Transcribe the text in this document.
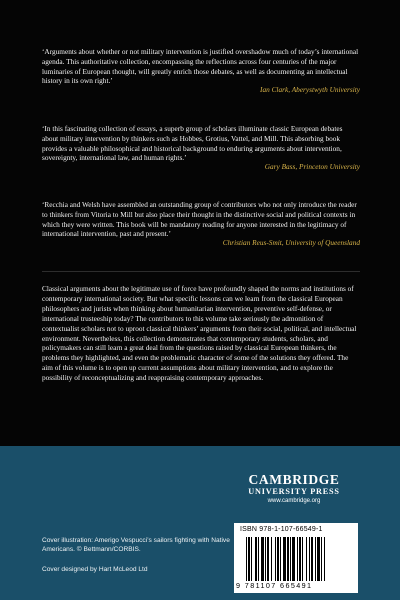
‘Arguments about whether or not military intervention is justified overshadow much of today’s international agenda. This authoritative collection, encompassing the reflections across four centuries of the major luminaries of European thought, will greatly enrich those debates, as well as documenting an intellectual history in its own right.’

Ian Clark, Aberystwyth University

‘In this fascinating collection of essays, a superb group of scholars illuminate classic European debates about military intervention by thinkers such as Hobbes, Grotius, Vattel, and Mill. This absorbing book provides a valuable philosophical and historical background to enduring arguments about intervention, sovereignty, international law, and human rights.’

Gary Bass, Princeton University

‘Recchia and Welsh have assembled an outstanding group of contributors who not only introduce the reader to thinkers from Vitoria to Mill but also place their thought in the distinctive social and political contexts in which they were written. This book will be mandatory reading for anyone interested in the legitimacy of international intervention, past and present.’

Christian Reus-Smit, University of Queensland

Classical arguments about the legitimate use of force have profoundly shaped the norms and institutions of contemporary international society. But what specific lessons can we learn from the classical European philosophers and jurists when thinking about humanitarian intervention, preventive self-defense, or international trusteeship today? The contributors to this volume take seriously the admonition of contextualist scholars not to uproot classical thinkers’ arguments from their social, political, and intellectual environment. Nevertheless, this collection demonstrates that contemporary students, scholars, and policymakers can still learn a great deal from the questions raised by classical European thinkers, the problems they highlighted, and even the problematic character of some of the solutions they offered. The aim of this volume is to open up current assumptions about military intervention, and to explore the possibility of reconceptualizing and reappraising contemporary approaches.

CAMBRIDGE
UNIVERSITY PRESS
www.cambridge.org
Cover illustration: Amerigo Vespucci’s sailors fighting with Native Americans. © Bettmann/CORBIS.
Cover designed by Hart McLeod Ltd
ISBN 978-1-107-66549-1
9 781107 665491
